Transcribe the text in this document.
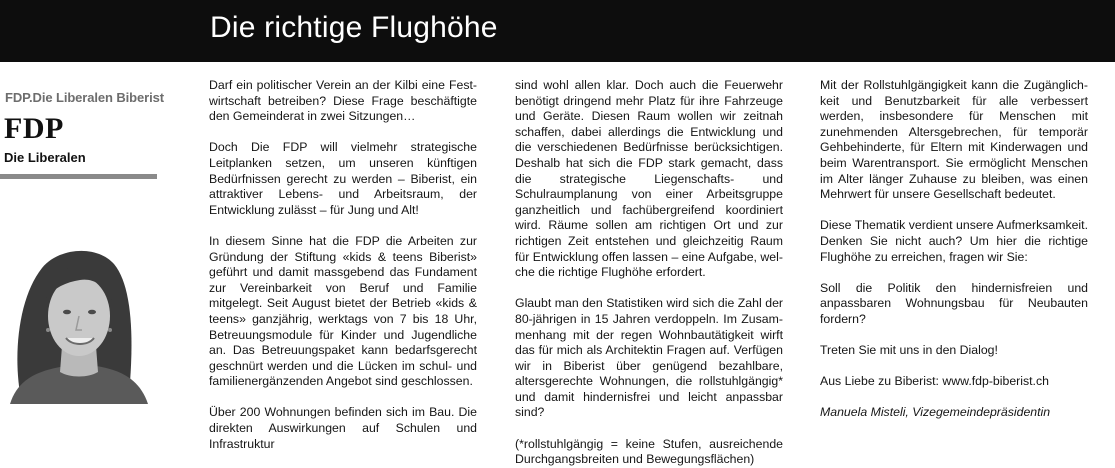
Die richtige Flughöhe
FDP.Die Liberalen Biberist
FDP
Die Liberalen

Darf ein politischer Verein an der Kilbi eine Festwirtschaft betreiben? Diese Frage beschäftigte den Gemeinderat in zwei Sitzungen…

Doch Die FDP will vielmehr strategische Leitplanken setzen, um unseren künftigen Bedürfnissen gerecht zu werden – Biberist, ein attraktiver Lebens- und Arbeitsraum, der Entwicklung zulässt – für Jung und Alt!

In diesem Sinne hat die FDP die Arbeiten zur Gründung der Stiftung «kids & teens Biberist» geführt und damit massgebend das Fundament zur Vereinbarkeit von Beruf und Familie mitgelegt. Seit August bietet der Betrieb «kids & teens» ganzjährig, werktags von 7 bis 18 Uhr, Betreuungsmodule für Kinder und Jugendliche an. Das Betreuungspaket kann bedarfsgerecht geschnürt werden und die Lücken im schul- und familienergänzenden Angebot sind geschlossen.

Über 200 Wohnungen befinden sich im Bau. Die direkten Auswirkungen auf Schulen und Infrastruktur

sind wohl allen klar. Doch auch die Feuerwehr benötigt dringend mehr Platz für ihre Fahrzeuge und Geräte. Diesen Raum wollen wir zeitnah schaffen, dabei allerdings die Entwicklung und die verschiedenen Bedürfnisse berücksichtigen. Deshalb hat sich die FDP stark gemacht, dass die strategische Liegenschafts- und Schulraumplanung von einer Arbeitsgruppe ganzheitlich und fachübergreifend koordiniert wird. Räume sollen am richtigen Ort und zur richtigen Zeit entstehen und gleichzeitig Raum für Entwicklung offen lassen – eine Aufgabe, welche die richtige Flughöhe erfordert.

Glaubt man den Statistiken wird sich die Zahl der 80-jährigen in 15 Jahren verdoppeln. Im Zusammenhang mit der regen Wohnbautätigkeit wirft das für mich als Architektin Fragen auf. Verfügen wir in Biberist über genügend bezahlbare, altersgerechte Wohnungen, die rollstuhlgängig* und damit hindernisfrei und leicht anpassbar sind?

(*rollstuhlgängig = keine Stufen, ausreichende Durchgangsbreiten und Bewegungsflächen)

Mit der Rollstuhlgängigkeit kann die Zugänglichkeit und Benutzbarkeit für alle verbessert werden, insbesondere für Menschen mit zunehmenden Altersgebrechen, für temporär Gehbehinderte, für Eltern mit Kinderwagen und beim Warentransport. Sie ermöglicht Menschen im Alter länger Zuhause zu bleiben, was einen Mehrwert für unsere Gesellschaft bedeutet.

Diese Thematik verdient unsere Aufmerksamkeit. Denken Sie nicht auch? Um hier die richtige Flughöhe zu erreichen, fragen wir Sie:

Soll die Politik den hindernisfreien und anpassbaren Wohnungsbau für Neubauten fordern?

Treten Sie mit uns in den Dialog!

Aus Liebe zu Biberist: www.fdp-biberist.ch

Manuela Misteli, Vizegemeindepräsidentin
